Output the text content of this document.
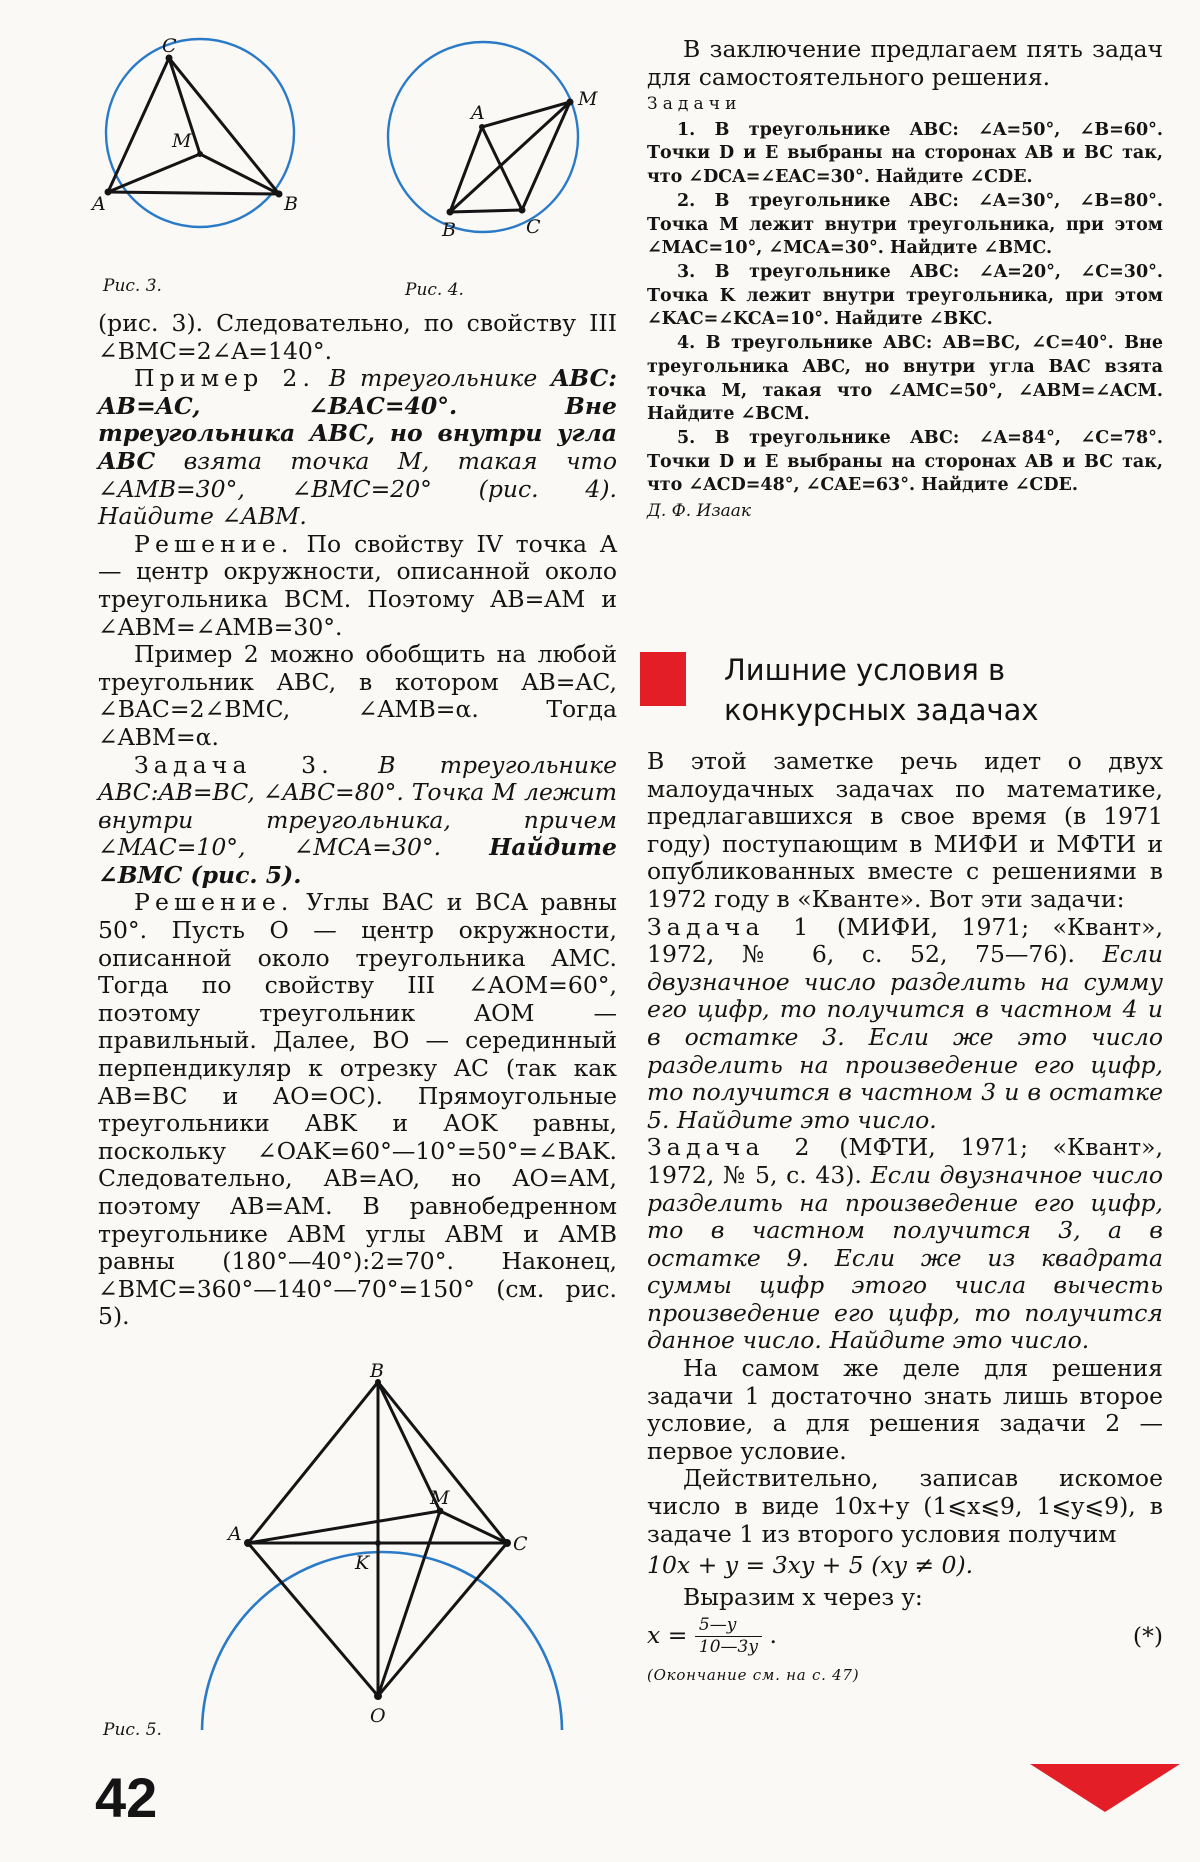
C
M
A	B
Рис. 3.
A
M
B	C
Рис. 4.

(рис. 3). Следовательно, по свойству III ∠BMC=2∠A=140°.

Пример 2. В треугольнике ABC: AB=AC, ∠BAC=40°. Вне треугольника ABC, но внутри угла ABC взята точка M, такая что ∠AMB=30°, ∠BMC=20° (рис. 4). Найдите ∠ABM.

Решение. По свойству IV точка A — центр окружности, описанной около треугольника BCM. Поэтому AB=AM и ∠ABM=∠AMB=30°.

Пример 2 можно обобщить на любой треугольник ABC, в котором AB=AC, ∠BAC=2∠BMC, ∠AMB=α. Тогда ∠ABM=α.

Задача 3. В треугольнике ABC:AB=BC, ∠ABC=80°. Точка M лежит внутри треугольника, причем ∠MAC=10°, ∠MCA=30°. Найдите ∠BMC (рис. 5).

Решение. Углы BAC и BCA равны 50°. Пусть O — центр окружности, описанной около треугольника AMC. Тогда по свойству III ∠AOM=60°, поэтому треугольник AOM — правильный. Далее, BO — серединный перпендикуляр к отрезку AC (так как AB=BC и AO=OC). Прямоугольные треугольники ABK и AOK равны, поскольку ∠OAK=60°—10°=50°=∠BAK. Следовательно, AB=AO, но AO=AM, поэтому AB=AM. В равнобедренном треугольнике ABM углы ABM и AMB равны (180°—40°):2=70°. Наконец, ∠BMC=360°—140°—70°=150° (см. рис. 5).

B
M
A	C
K
O
Рис. 5.

В заключение предлагаем пять задач для самостоятельного решения.

Задачи

1. В треугольнике ABC: ∠A=50°, ∠B=60°. Точки D и E выбраны на сторонах AB и BC так, что ∠DCA=∠EAC=30°. Найдите ∠CDE.

2. В треугольнике ABC: ∠A=30°, ∠B=80°. Точка M лежит внутри треугольника, при этом ∠MAC=10°, ∠MCA=30°. Найдите ∠BMC.

3. В треугольнике ABC: ∠A=20°, ∠C=30°. Точка K лежит внутри треугольника, при этом ∠KAC=∠KCA=10°. Найдите ∠BKC.

4. В треугольнике ABC: AB=BC, ∠C=40°. Вне треугольника ABC, но внутри угла BAC взята точка M, такая что ∠AMC=50°, ∠ABM=∠ACM. Найдите ∠BCM.

5. В треугольнике ABC: ∠A=84°, ∠C=78°. Точки D и E выбраны на сторонах AB и BC так, что ∠ACD=48°, ∠CAE=63°. Найдите ∠CDE.

Д. Ф. Изаак

Лишние условия в конкурсных задачах

В этой заметке речь идет о двух малоудачных задачах по математике, предлагавшихся в свое время (в 1971 году) поступающим в МИФИ и МФТИ и опубликованных вместе с решениями в 1972 году в «Кванте». Вот эти задачи:

Задача 1 (МИФИ, 1971; «Квант», 1972, № 6, с. 52, 75—76). Если двузначное число разделить на сумму его цифр, то получится в частном 4 и в остатке 3. Если же это число разделить на произведение его цифр, то получится в частном 3 и в остатке 5. Найдите это число.

Задача 2 (МФТИ, 1971; «Квант», 1972, № 5, с. 43). Если двузначное число разделить на произведение его цифр, то в частном получится 3, а в остатке 9. Если же из квадрата суммы цифр этого числа вычесть произведение его цифр, то получится данное число. Найдите это число.

На самом же деле для решения задачи 1 достаточно знать лишь второе условие, а для решения задачи 2 — первое условие.

Действительно, записав искомое число в виде 10x+y (1⩽x⩽9, 1⩽y⩽9), в задаче 1 из второго условия получим

10x + y = 3xy + 5 (xy ≠ 0).

Выразим x через y:

$x = \frac{5—y}{10—3y}$ .	(*)

(Окончание см. на с. 47)

42
